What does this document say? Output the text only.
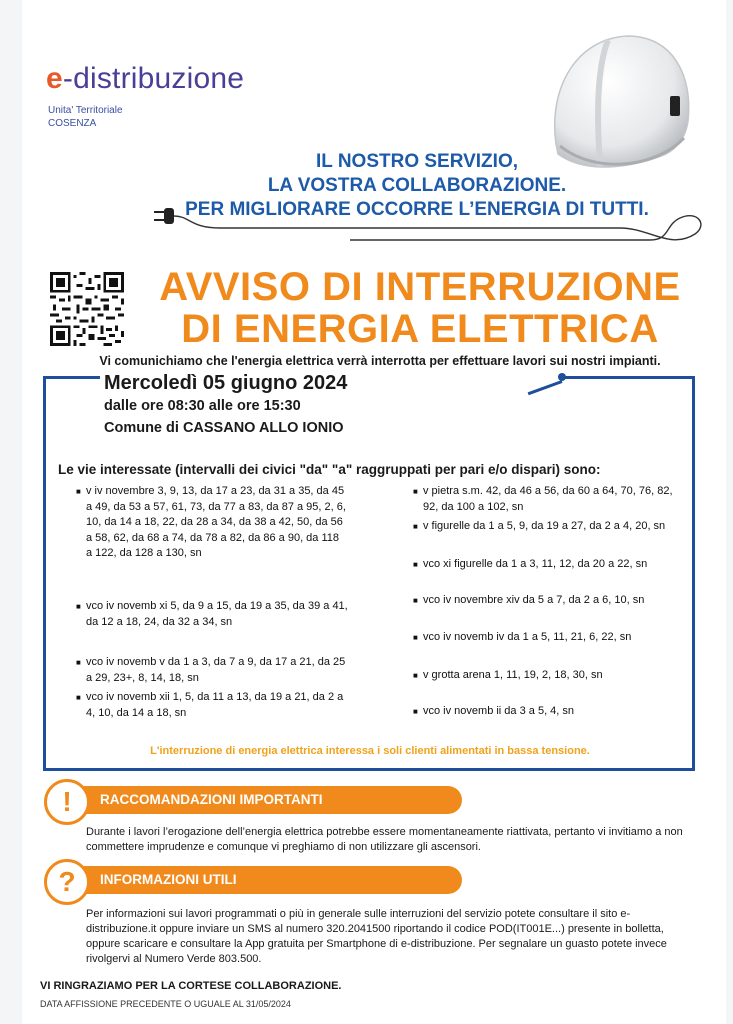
e-distribuzione
Unita' Territoriale
COSENZA
IL NOSTRO SERVIZIO,
LA VOSTRA COLLABORAZIONE.
PER MIGLIORARE OCCORRE L’ENERGIA DI TUTTI.
AVVISO DI INTERRUZIONE
DI ENERGIA ELETTRICA
Vi comunichiamo che l'energia elettrica verrà interrotta per effettuare lavori sui nostri impianti.
Mercoledì 05 giugno 2024
dalle ore 08:30 alle ore 15:30
Comune di CASSANO ALLO IONIO
Le vie interessate (intervalli dei civici "da" "a" raggruppati per pari e/o dispari) sono:
■ v iv novembre 3, 9, 13, da 17 a 23, da 31 a 35, da 45 a 49, da 53 a 57, 61, 73, da 77 a 83, da 87 a 95, 2, 6, 10, da 14 a 18, 22, da 28 a 34, da 38 a 42, 50, da 56 a 58, 62, da 68 a 74, da 78 a 82, da 86 a 90, da 118 a 122, da 128 a 130, sn
■ vco iv novemb xi 5, da 9 a 15, da 19 a 35, da 39 a 41, da 12 a 18, 24, da 32 a 34, sn
■ vco iv novemb v da 1 a 3, da 7 a 9, da 17 a 21, da 25 a 29, 23+, 8, 14, 18, sn
■ vco iv novemb xii 1, 5, da 11 a 13, da 19 a 21, da 2 a 4, 10, da 14 a 18, sn
■ v pietra s.m. 42, da 46 a 56, da 60 a 64, 70, 76, 82, 92, da 100 a 102, sn
■ v figurelle da 1 a 5, 9, da 19 a 27, da 2 a 4, 20, sn
■ vco xi figurelle da 1 a 3, 11, 12, da 20 a 22, sn
■ vco iv novembre xiv da 5 a 7, da 2 a 6, 10, sn
■ vco iv novemb iv da 1 a 5, 11, 21, 6, 22, sn
■ v grotta arena 1, 11, 19, 2, 18, 30, sn
■ vco iv novemb ii da 3 a 5, 4, sn
L'interruzione di energia elettrica interessa i soli clienti alimentati in bassa tensione.
RACCOMANDAZIONI IMPORTANTI
!
Durante i lavori l’erogazione dell’energia elettrica potrebbe essere momentaneamente riattivata, pertanto vi invitiamo a non commettere imprudenze e comunque vi preghiamo di non utilizzare gli ascensori.
INFORMAZIONI UTILI
?
Per informazioni sui lavori programmati o più in generale sulle interruzioni del servizio potete consultare il sito e-distribuzione.it oppure inviare un SMS al numero 320.2041500 riportando il codice POD(IT001E...) presente in bolletta, oppure scaricare e consultare la App gratuita per Smartphone di e-distribuzione. Per segnalare un guasto potete invece rivolgervi al Numero Verde 803.500.
VI RINGRAZIAMO PER LA CORTESE COLLABORAZIONE.
DATA AFFISSIONE PRECEDENTE O UGUALE AL 31/05/2024
